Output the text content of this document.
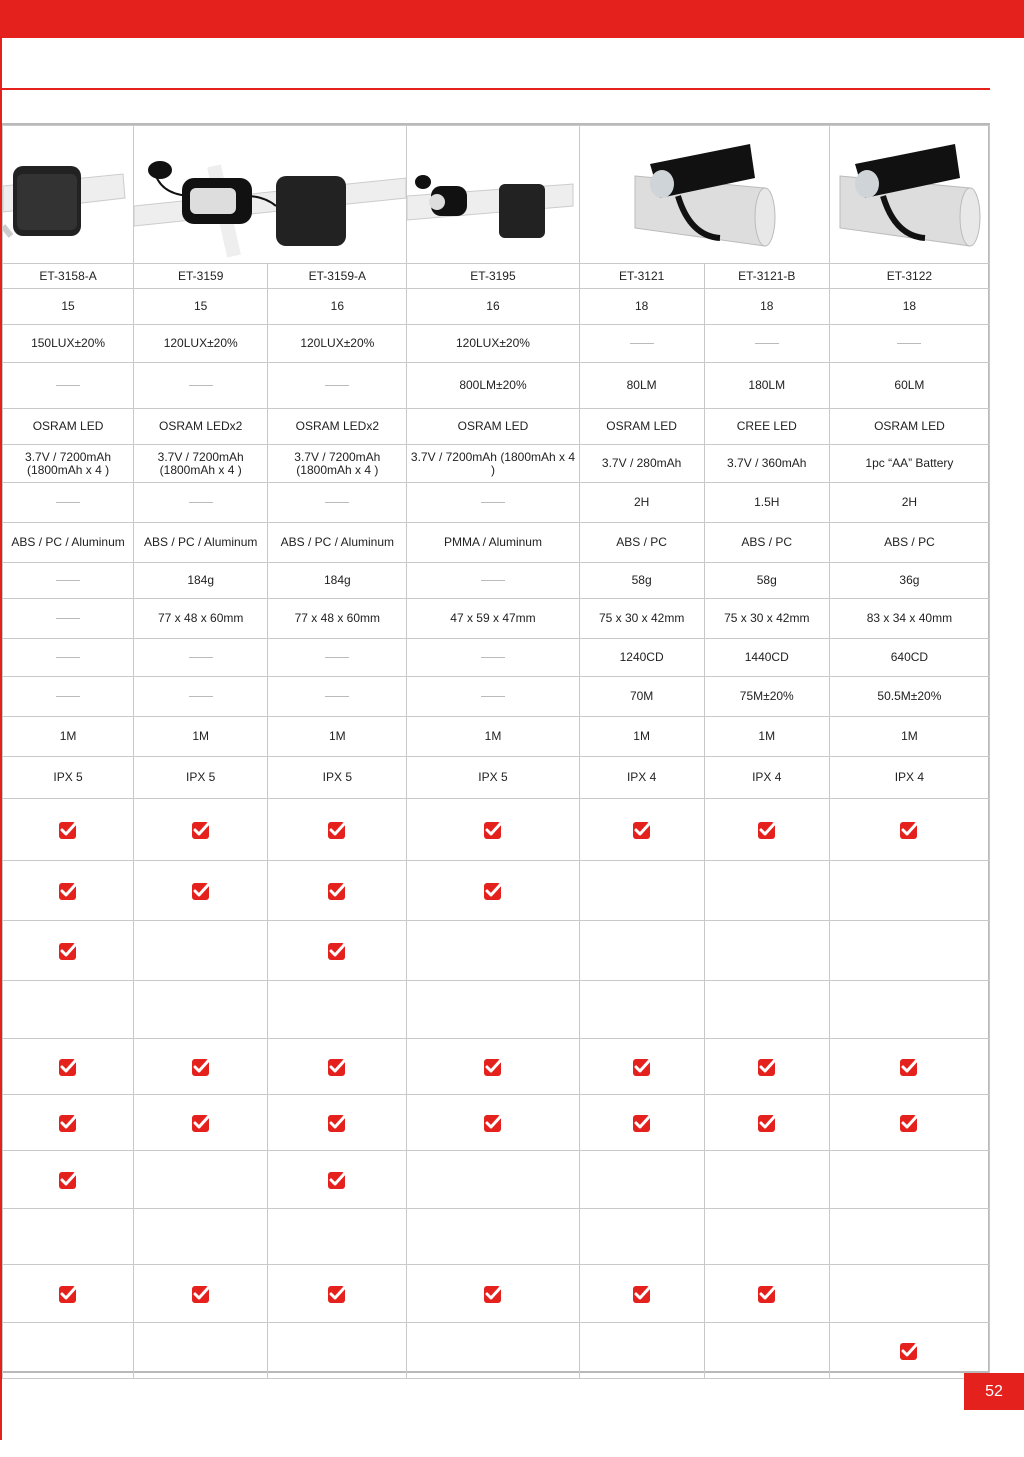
ET-3158-A	ET-3159	ET-3159-A	ET-3195	ET-3121	ET-3121-B	ET-3122
15	15	16	16	18	18	18
150LUX±20%	120LUX±20%	120LUX±20%	120LUX±20%			
			800LM±20%	80LM	180LM	60LM
OSRAM LED	OSRAM LEDx2	OSRAM LEDx2	OSRAM LED	OSRAM LED	CREE LED	OSRAM LED
3.7V / 7200mAh (1800mAh x 4 )	3.7V / 7200mAh (1800mAh x 4 )	3.7V / 7200mAh (1800mAh x 4 )	3.7V / 7200mAh (1800mAh x 4 )	3.7V / 280mAh	3.7V / 360mAh	1pc “AA” Battery
				2H	1.5H	2H
ABS / PC / Aluminum	ABS / PC / Aluminum	ABS / PC / Aluminum	PMMA / Aluminum	ABS / PC	ABS / PC	ABS / PC
	184g	184g		58g	58g	36g
	77 x 48 x 60mm	77 x 48 x 60mm	47 x 59 x 47mm	75 x 30 x 42mm	75 x 30 x 42mm	83 x 34 x 40mm
				1240CD	1440CD	640CD
				70M	75M±20%	50.5M±20%
1M	1M	1M	1M	1M	1M	1M
IPX 5	IPX 5	IPX 5	IPX 5	IPX 4	IPX 4	IPX 4

52
